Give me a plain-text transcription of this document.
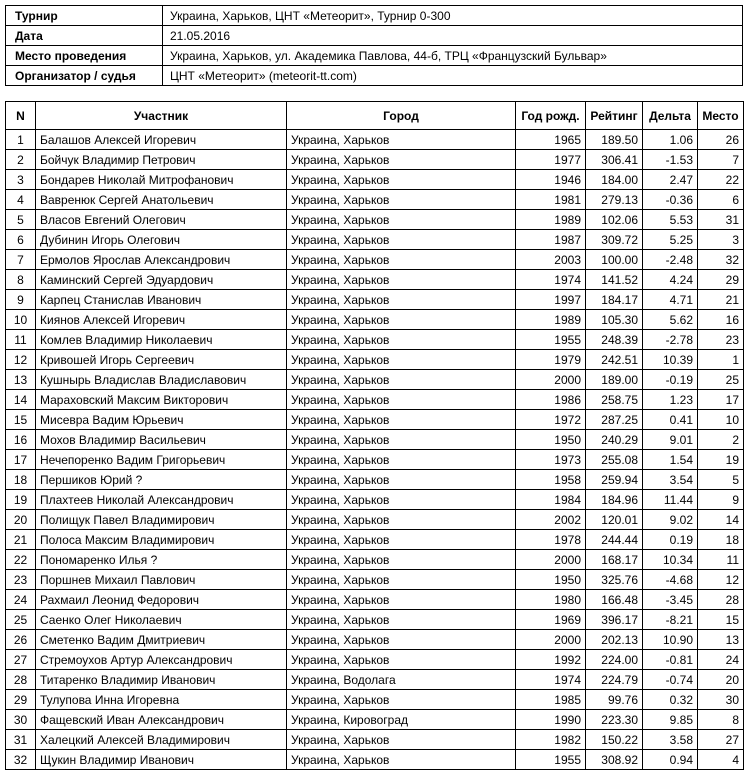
Турнир	Украина, Харьков, ЦНТ «Метеорит», Турнир 0-300
Дата	21.05.2016
Место проведения	Украина, Харьков, ул. Академика Павлова, 44-б, ТРЦ «Французский Бульвар»
Организатор / судья	ЦНТ «Метеорит» (meteorit-tt.com)
N	Участник	Город	Год рожд.	Рейтинг	Дельта	Место
1	Балашов Алексей Игоревич	Украина, Харьков	1965	189.50	1.06	26
2	Бойчук Владимир Петрович	Украина, Харьков	1977	306.41	-1.53	7
3	Бондарев Николай Митрофанович	Украина, Харьков	1946	184.00	2.47	22
4	Вавренюк Сергей Анатольевич	Украина, Харьков	1981	279.13	-0.36	6
5	Власов Евгений Олегович	Украина, Харьков	1989	102.06	5.53	31
6	Дубинин Игорь Олегович	Украина, Харьков	1987	309.72	5.25	3
7	Ермолов Ярослав Александрович	Украина, Харьков	2003	100.00	-2.48	32
8	Каминский Сергей Эдуардович	Украина, Харьков	1974	141.52	4.24	29
9	Карпец Станислав Иванович	Украина, Харьков	1997	184.17	4.71	21
10	Киянов Алексей Игоревич	Украина, Харьков	1989	105.30	5.62	16
11	Комлев Владимир Николаевич	Украина, Харьков	1955	248.39	-2.78	23
12	Кривошей Игорь Сергеевич	Украина, Харьков	1979	242.51	10.39	1
13	Кушнырь Владислав Владиславович	Украина, Харьков	2000	189.00	-0.19	25
14	Мараховский Максим Викторович	Украина, Харьков	1986	258.75	1.23	17
15	Мисевра Вадим Юрьевич	Украина, Харьков	1972	287.25	0.41	10
16	Мохов Владимир Васильевич	Украина, Харьков	1950	240.29	9.01	2
17	Нечепоренко Вадим Григорьевич	Украина, Харьков	1973	255.08	1.54	19
18	Першиков Юрий ?	Украина, Харьков	1958	259.94	3.54	5
19	Плахтеев Николай Александрович	Украина, Харьков	1984	184.96	11.44	9
20	Полищук Павел Владимирович	Украина, Харьков	2002	120.01	9.02	14
21	Полоса Максим Владимирович	Украина, Харьков	1978	244.44	0.19	18
22	Пономаренко Илья ?	Украина, Харьков	2000	168.17	10.34	11
23	Поршнев Михаил Павлович	Украина, Харьков	1950	325.76	-4.68	12
24	Рахмаил Леонид Федорович	Украина, Харьков	1980	166.48	-3.45	28
25	Саенко Олег Николаевич	Украина, Харьков	1969	396.17	-8.21	15
26	Сметенко Вадим Дмитриевич	Украина, Харьков	2000	202.13	10.90	13
27	Стремоухов Артур Александрович	Украина, Харьков	1992	224.00	-0.81	24
28	Титаренко Владимир Иванович	Украина, Водолага	1974	224.79	-0.74	20
29	Тулупова Инна Игоревна	Украина, Харьков	1985	99.76	0.32	30
30	Фащевский Иван Александрович	Украина, Кировоград	1990	223.30	9.85	8
31	Халецкий Алексей Владимирович	Украина, Харьков	1982	150.22	3.58	27
32	Щукин Владимир Иванович	Украина, Харьков	1955	308.92	0.94	4
